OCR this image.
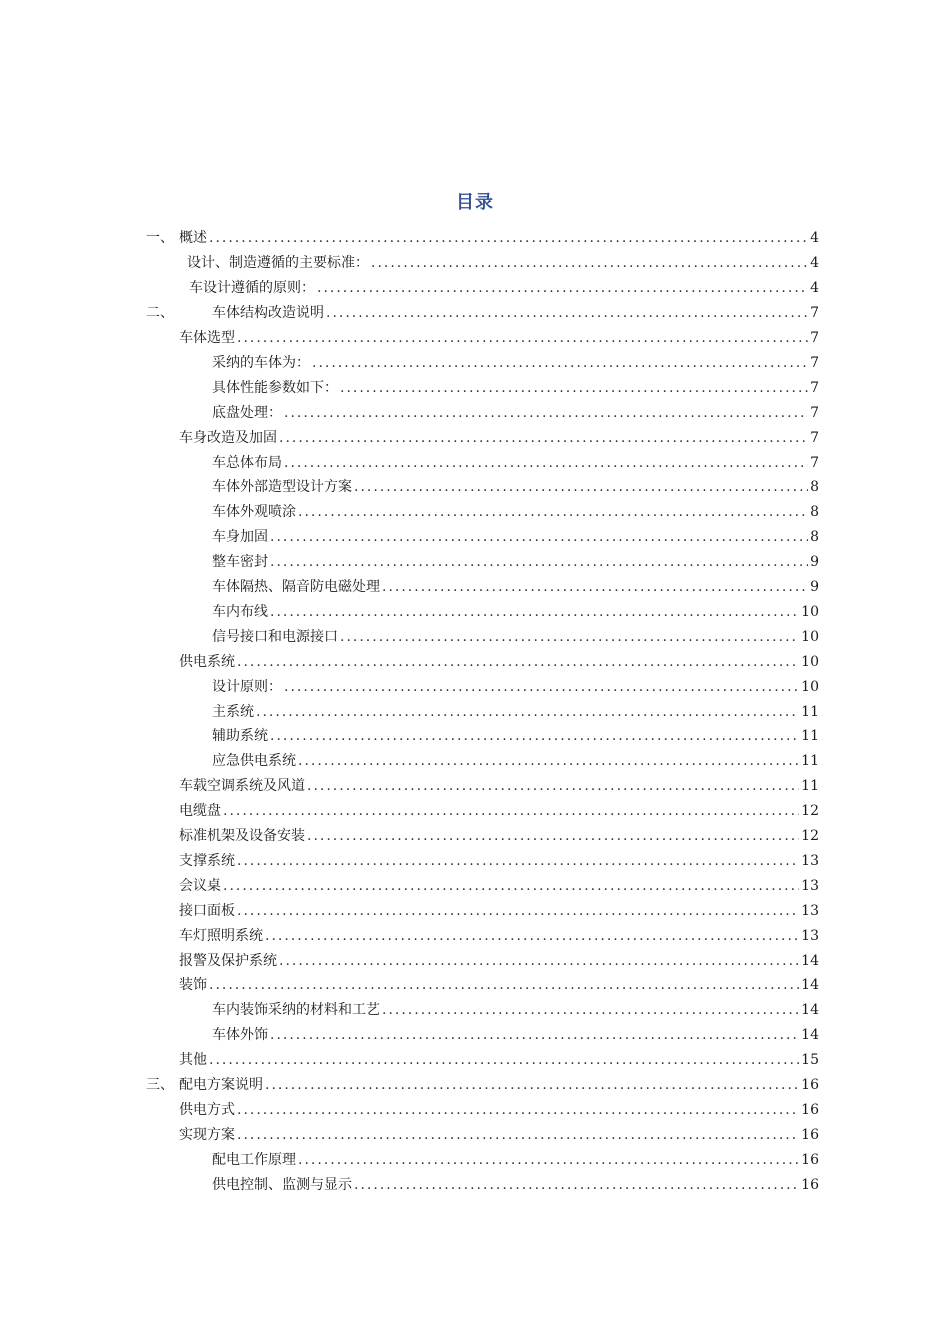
目录
一、 概述 .....	4
设计、制造遵循的主要标准： .....	4
车设计遵循的原则： .....	4
二、	车体结构改造说明 .....	7
车体选型 .....	7
采纳的车体为： .....	7
具体性能参数如下： .....	7
底盘处理： .....	7
车身改造及加固 .....	7
车总体布局 .....	7
车体外部造型设计方案 .....	8
车体外观喷涂 .....	8
车身加固 .....	8
整车密封 .....	9
车体隔热、隔音防电磁处理 .....	9
车内布线 .....	10
信号接口和电源接口 .....	10
供电系统 .....	10
设计原则： .....	10
主系统 .....	11
辅助系统 .....	11
应急供电系统 .....	11
车载空调系统及风道 .....	11
电缆盘 .....	12
标准机架及设备安装 .....	12
支撑系统 .....	13
会议桌 .....	13
接口面板 .....	13
车灯照明系统 .....	13
报警及保护系统 .....	14
装饰 .....	14
车内装饰采纳的材料和工艺 .....	14
车体外饰 .....	14
其他 .....	15
三、 配电方案说明 .....	16
供电方式 .....	16
实现方案 .....	16
配电工作原理 .....	16
供电控制、监测与显示 .....	16
